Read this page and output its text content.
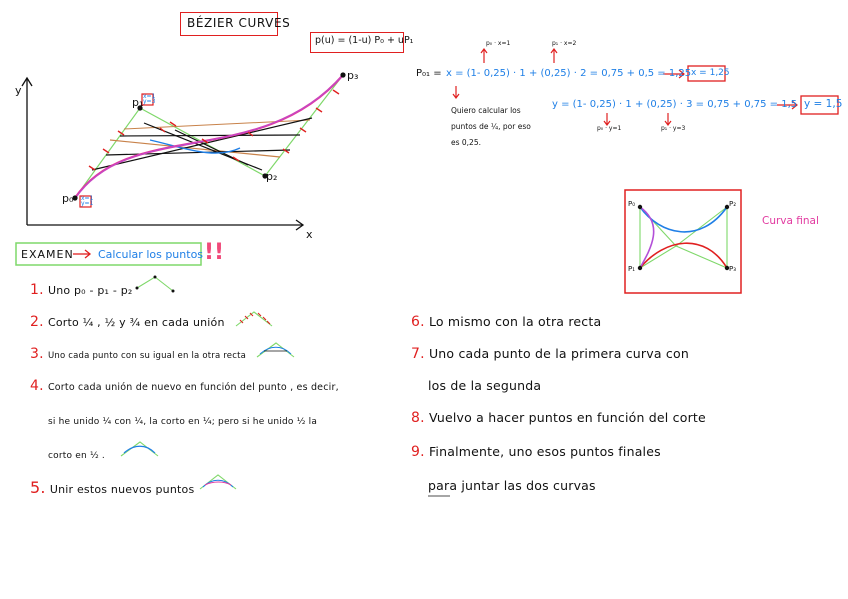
BÉZIER CURVES
p(u) = (1-u) P₀ + uP₁
y
x
p₀
p₁
p₂
p₃
x=1
y=1
x=1
y=3
P₀₁ = x = (1- 0,25) · 1 + (0,25) · 2 = 0,75 + 0,5 = 1,25 x = 1,25
y = (1- 0,25) · 1 + (0,25) · 3 = 0,75 + 0,75 = 1,5 y = 1,5
p₀ · x=1	p₁ · x=2
p₀ · y=1	p₁ · y=3
Quiero calcular los puntos de ¼, por eso es 0,25.
P₀
P₁
P₂
P₃
Curva final
EXAMEN Calcular los puntos !!
1. Uno p₀ - p₁ - p₂
2. Corto ¼ , ½ y ¾ en cada unión
3. Uno cada punto con su igual en la otra recta
4. Corto cada unión de nuevo en función del punto , es decir,
si he unido ¼ con ¼, la corto en ¼; pero si he unido ½ la
corto en ½ .
5. Unir estos nuevos puntos
6. Lo mismo con la otra recta
7. Uno cada punto de la primera curva con
los de la segunda
8. Vuelvo a hacer puntos en función del corte
9. Finalmente, uno esos puntos finales
para juntar las dos curvas
